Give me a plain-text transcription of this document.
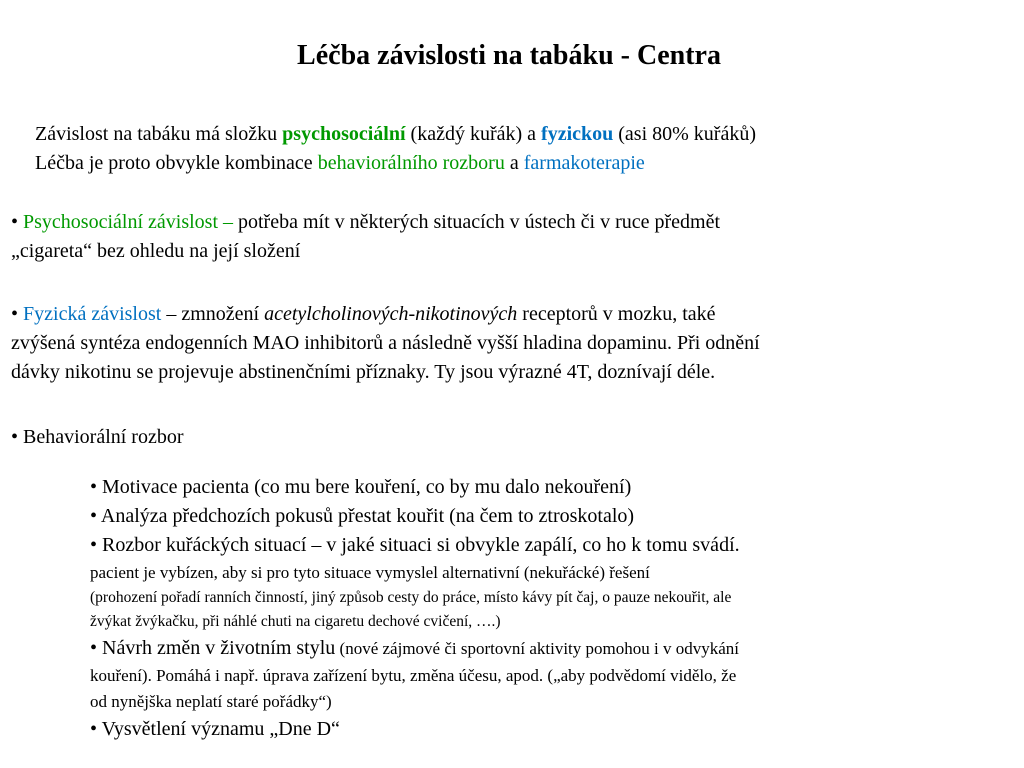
Léčba závislosti na tabáku - Centra
Závislost na tabáku má složku psychosociální (každý kuřák) a fyzickou (asi 80% kuřáků)
Léčba je proto obvykle kombinace behaviorálního rozboru a farmakoterapie
• Psychosociální závislost – potřeba mít v některých situacích v ústech či v ruce předmět
„cigareta“ bez ohledu na její složení
• Fyzická závislost – zmnožení acetylcholinových-nikotinových receptorů v mozku, také
zvýšená syntéza endogenních MAO inhibitorů a následně vyšší hladina dopaminu. Při odnění
dávky nikotinu se projevuje abstinenčními příznaky. Ty jsou výrazné 4T, doznívají déle.
• Behaviorální rozbor
• Motivace pacienta (co mu bere kouření, co by mu dalo nekouření)
• Analýza předchozích pokusů přestat kouřit (na čem to ztroskotalo)
• Rozbor kuřáckých situací – v jaké situaci si obvykle zapálí, co ho k tomu svádí.
pacient je vybízen, aby si pro tyto situace vymyslel alternativní (nekuřácké) řešení
(prohození pořadí ranních činností, jiný způsob cesty do práce, místo kávy pít čaj, o pauze nekouřit, ale
žvýkat žvýkačku, při náhlé chuti na cigaretu dechové cvičení, ….)
• Návrh změn v životním stylu (nové zájmové či sportovní aktivity pomohou i v odvykání
kouření). Pomáhá i např. úprava zařízení bytu, změna účesu, apod. („aby podvědomí vidělo, že
od nynějška neplatí staré pořádky“)
• Vysvětlení významu „Dne D“
